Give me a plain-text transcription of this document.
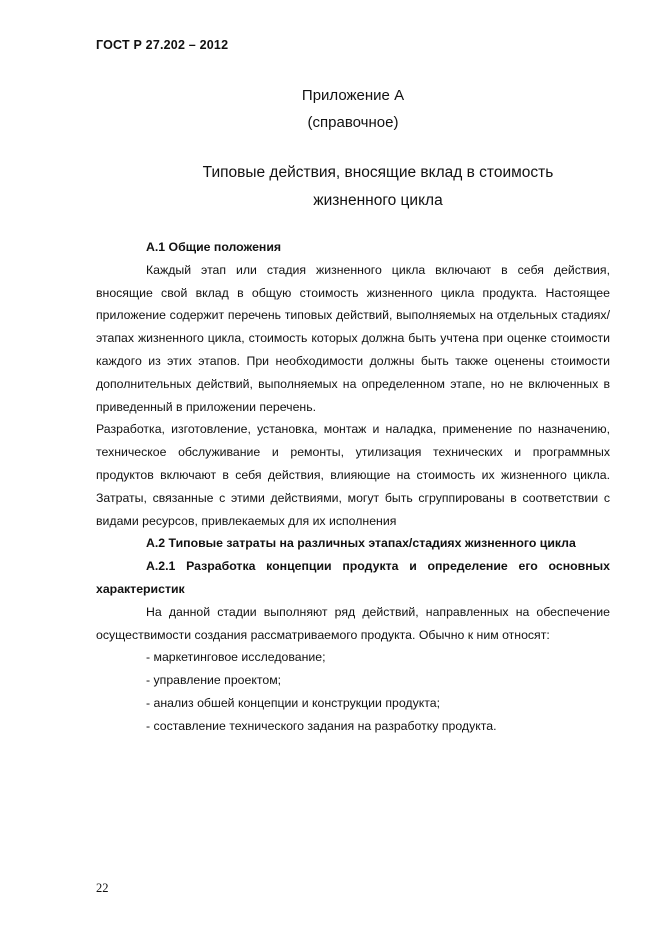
ГОСТ Р 27.202 – 2012
Приложение А
(справочное)
Типовые действия, вносящие вклад в стоимость
жизненного цикла

А.1 Общие положения

Каждый этап или стадия жизненного цикла включают в себя действия, вносящие свой вклад в общую стоимость жизненного цикла продукта. Настоящее приложение содержит перечень типовых действий, выполняемых на отдельных стадиях/этапах жизненного цикла, стоимость которых должна быть учтена при оценке стоимости каждого из этих этапов. При необходимости должны быть также оценены стоимости дополнительных действий, выполняемых на определенном этапе, но не включенных в приведенный в приложении перечень.

Разработка, изготовление, установка, монтаж и наладка, применение по назначению, техническое обслуживание и ремонты, утилизация технических и программных продуктов включают в себя действия, влияющие на стоимость их жизненного цикла. Затраты, связанные с этими действиями, могут быть сгруппированы в соответствии с видами ресурсов, привлекаемых для их исполнения

А.2 Типовые затраты на различных этапах/стадиях жизненного цикла

А.2.1 Разработка концепции продукта и определение его основных характеристик

На данной стадии выполняют ряд действий, направленных на обеспечение осуществимости создания рассматриваемого продукта. Обычно к ним относят:

- маркетинговое исследование;

- управление проектом;

- анализ обшей концепции и конструкции продукта;

- составление технического задания на разработку продукта.

22
